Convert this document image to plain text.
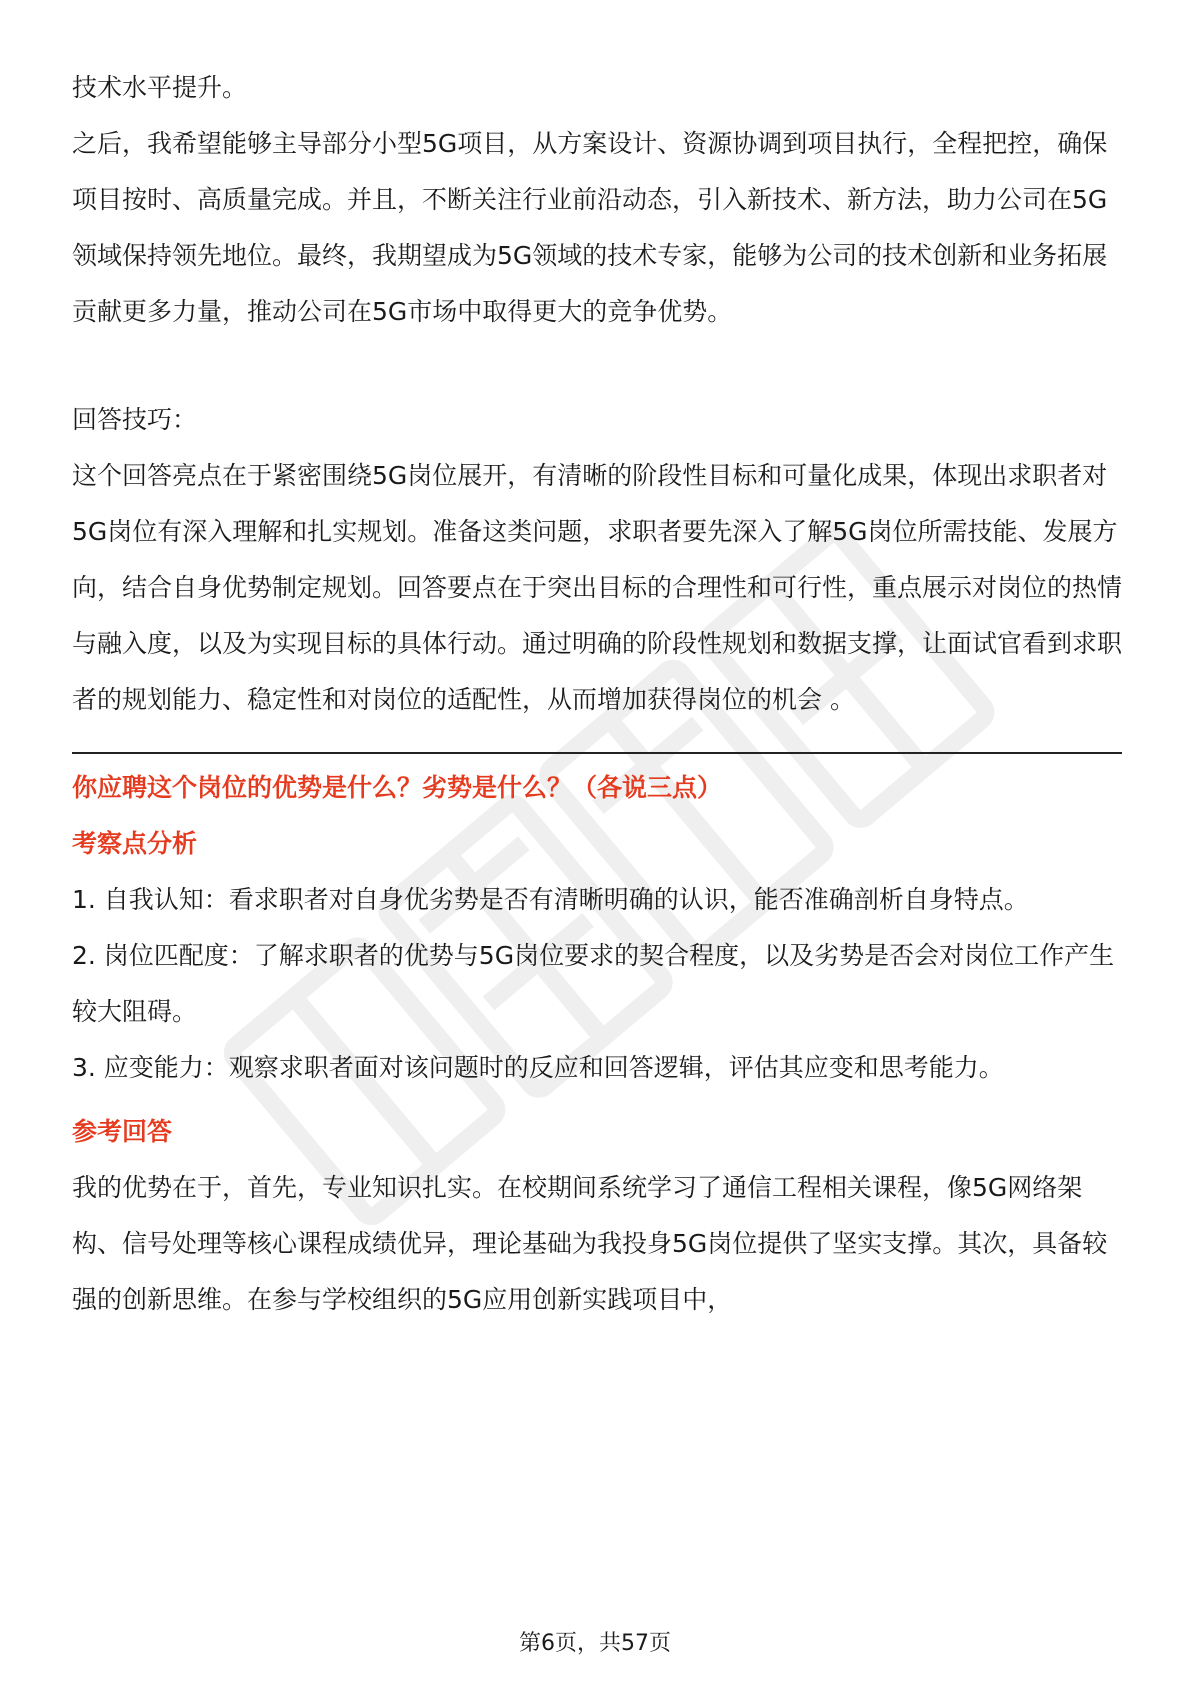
技术水平提升。

之后，我希望能够主导部分小型5G项目，从方案设计、资源协调到项目执行，全程把控，确保项目按时、高质量完成。并且，不断关注行业前沿动态，引入新技术、新方法，助力公司在5G领域保持领先地位。最终，我期望成为5G领域的技术专家，能够为公司的技术创新和业务拓展贡献更多力量，推动公司在5G市场中取得更大的竞争优势。

回答技巧：

这个回答亮点在于紧密围绕5G岗位展开，有清晰的阶段性目标和可量化成果，体现出求职者对5G岗位有深入理解和扎实规划。准备这类问题，求职者要先深入了解5G岗位所需技能、发展方向，结合自身优势制定规划。回答要点在于突出目标的合理性和可行性，重点展示对岗位的热情与融入度，以及为实现目标的具体行动。通过明确的阶段性规划和数据支撑，让面试官看到求职者的规划能力、稳定性和对岗位的适配性，从而增加获得岗位的机会 。

你应聘这个岗位的优势是什么？劣势是什么？（各说三点）

考察点分析

1. 自我认知：看求职者对自身优劣势是否有清晰明确的认识，能否准确剖析自身特点。

2. 岗位匹配度：了解求职者的优势与5G岗位要求的契合程度，以及劣势是否会对岗位工作产生较大阻碍。

3. 应变能力：观察求职者面对该问题时的反应和回答逻辑，评估其应变和思考能力。

参考回答

我的优势在于，首先，专业知识扎实。在校期间系统学习了通信工程相关课程，像5G网络架构、信号处理等核心课程成绩优异，理论基础为我投身5G岗位提供了坚实支撑。其次，具备较强的创新思维。在参与学校组织的5G应用创新实践项目中，

第6页，共57页
